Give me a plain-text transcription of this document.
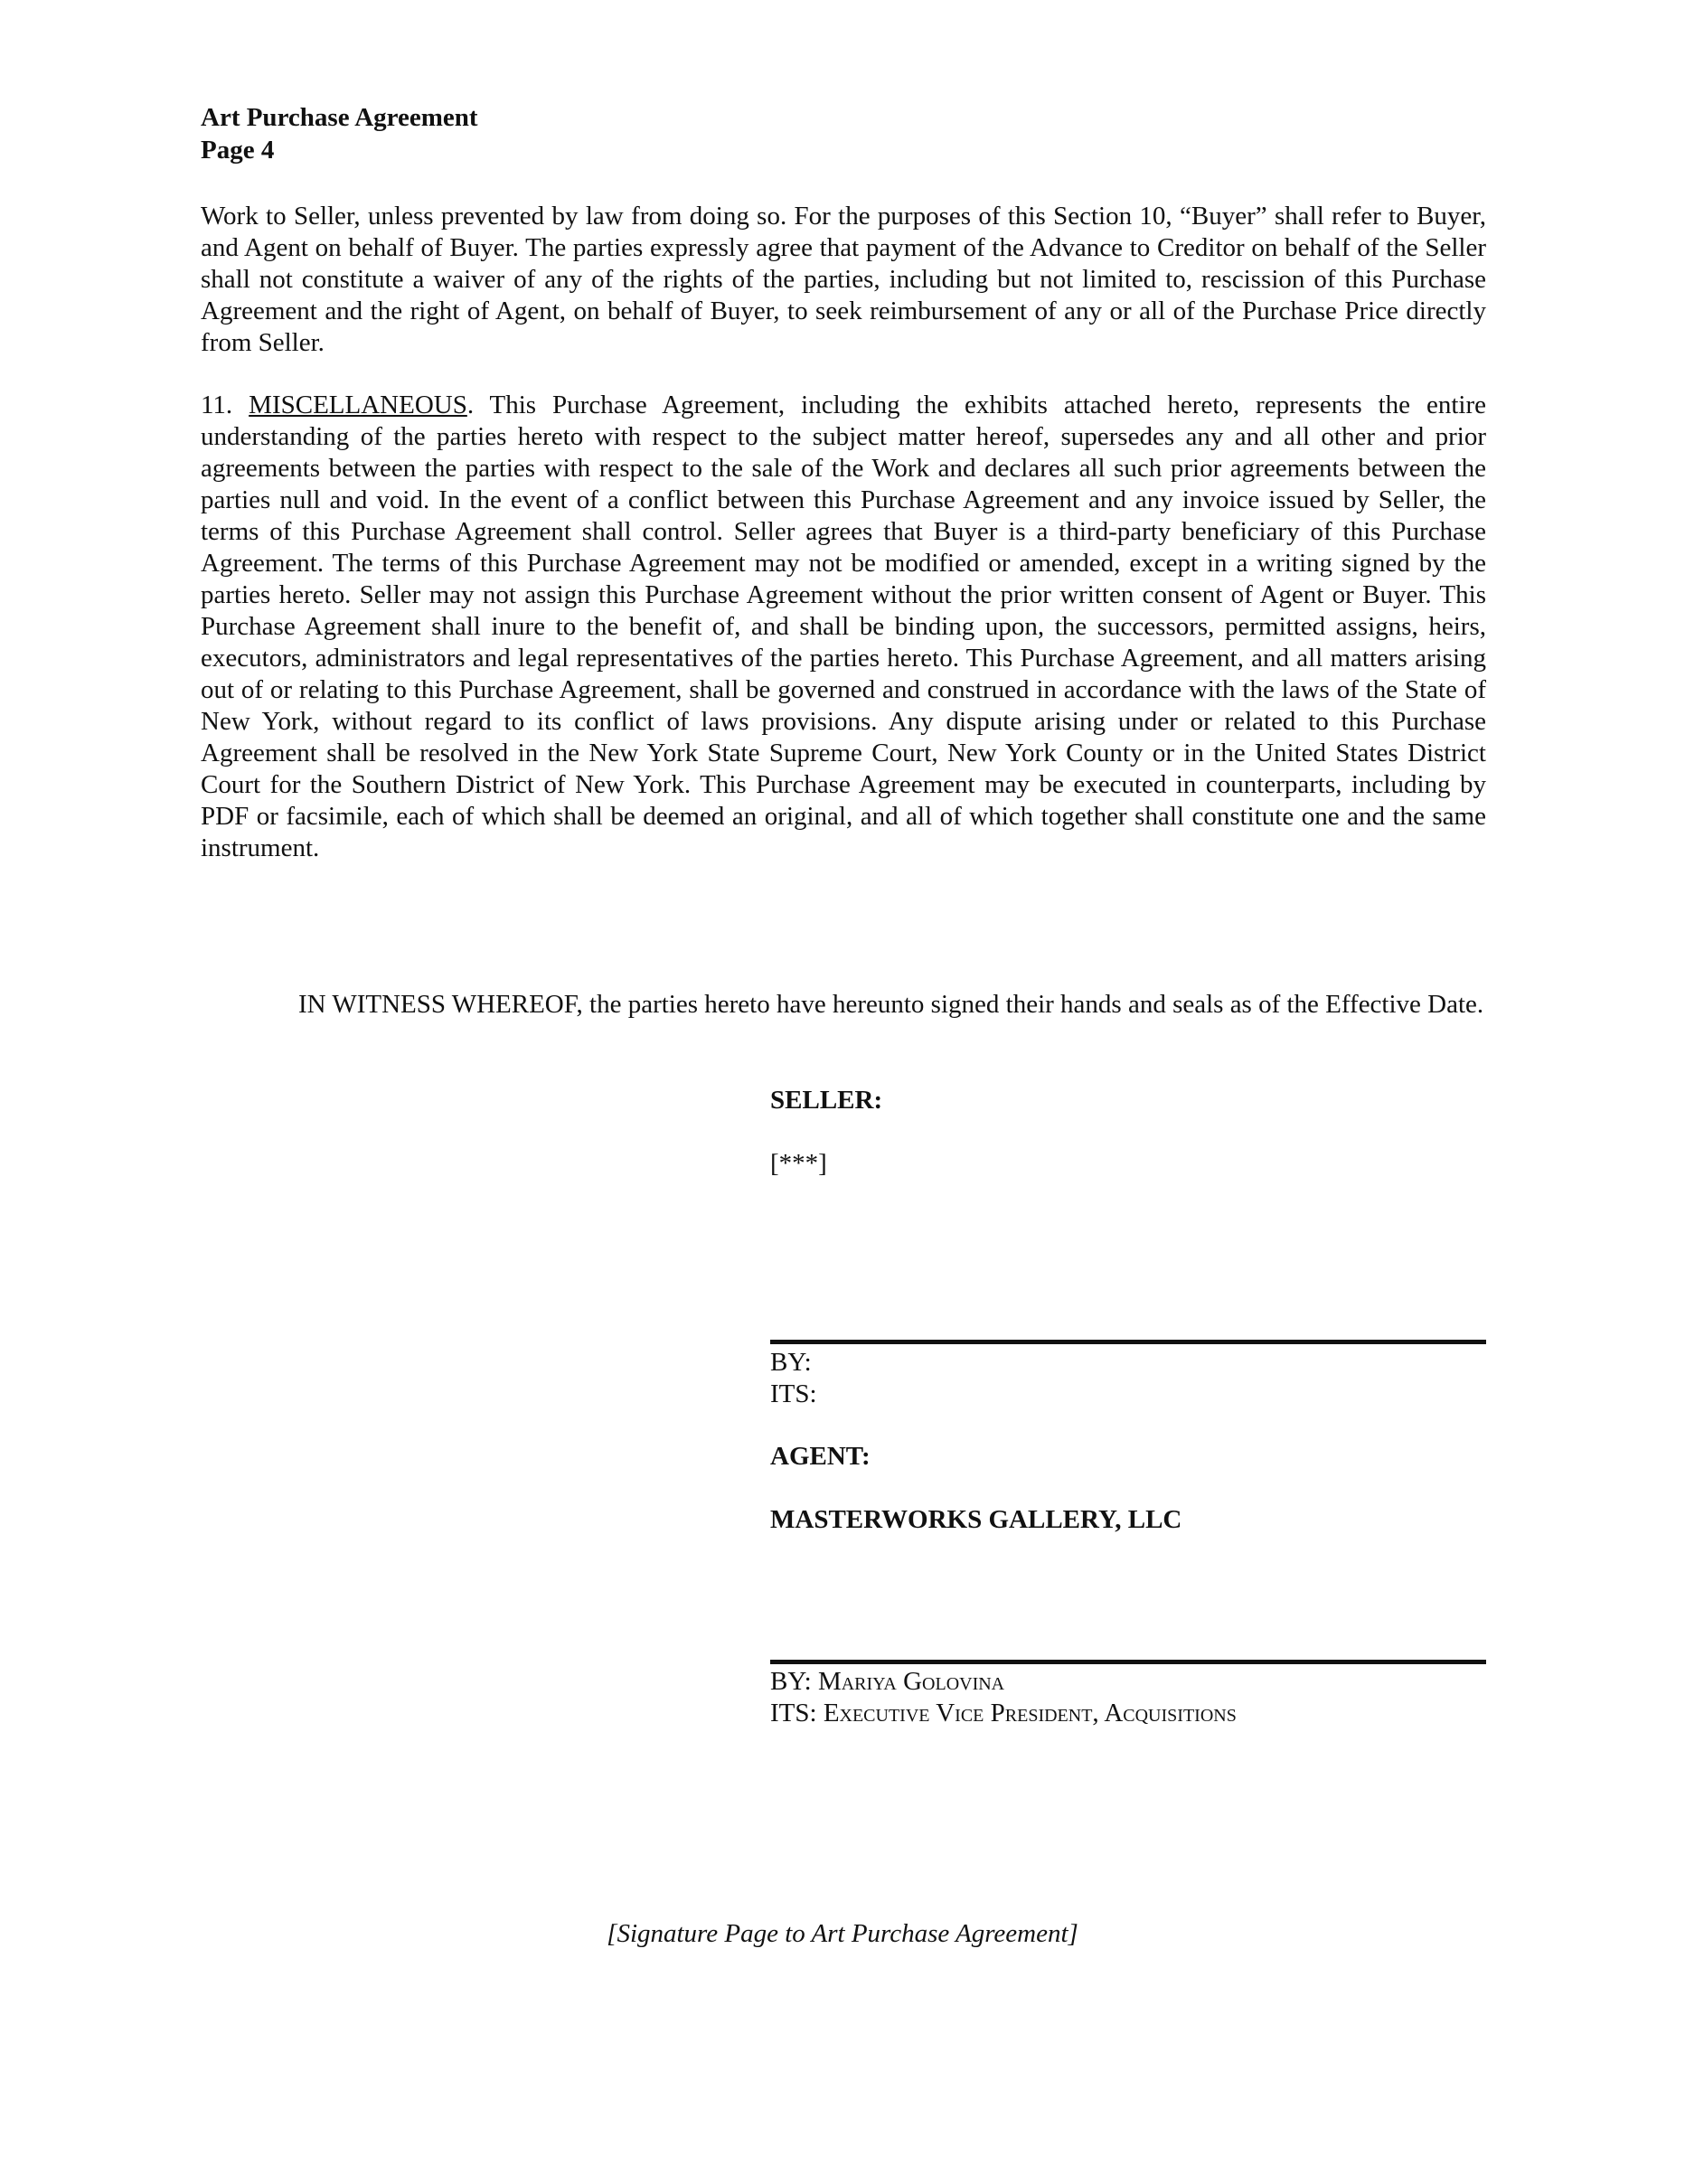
Art Purchase Agreement
Page 4

Work to Seller, unless prevented by law from doing so. For the purposes of this Section 10, “Buyer” shall refer to Buyer, and Agent on behalf of Buyer. The parties expressly agree that payment of the Advance to Creditor on behalf of the Seller shall not constitute a waiver of any of the rights of the parties, including but not limited to, rescission of this Purchase Agreement and the right of Agent, on behalf of Buyer, to seek reimbursement of any or all of the Purchase Price directly from Seller.

11. MISCELLANEOUS. This Purchase Agreement, including the exhibits attached hereto, represents the entire understanding of the parties hereto with respect to the subject matter hereof, supersedes any and all other and prior agreements between the parties with respect to the sale of the Work and declares all such prior agreements between the parties null and void. In the event of a conflict between this Purchase Agreement and any invoice issued by Seller, the terms of this Purchase Agreement shall control. Seller agrees that Buyer is a third-party beneficiary of this Purchase Agreement. The terms of this Purchase Agreement may not be modified or amended, except in a writing signed by the parties hereto. Seller may not assign this Purchase Agreement without the prior written consent of Agent or Buyer. This Purchase Agreement shall inure to the benefit of, and shall be binding upon, the successors, permitted assigns, heirs, executors, administrators and legal representatives of the parties hereto. This Purchase Agreement, and all matters arising out of or relating to this Purchase Agreement, shall be governed and construed in accordance with the laws of the State of New York, without regard to its conflict of laws provisions. Any dispute arising under or related to this Purchase Agreement shall be resolved in the New York State Supreme Court, New York County or in the United States District Court for the Southern District of New York. This Purchase Agreement may be executed in counterparts, including by PDF or facsimile, each of which shall be deemed an original, and all of which together shall constitute one and the same instrument.

IN WITNESS WHEREOF, the parties hereto have hereunto signed their hands and seals as of the Effective Date.

SELLER:
[***]
BY:
ITS:
AGENT:
MASTERWORKS GALLERY, LLC
BY: Mariya Golovina
ITS: Executive Vice President, Acquisitions
[Signature Page to Art Purchase Agreement]
